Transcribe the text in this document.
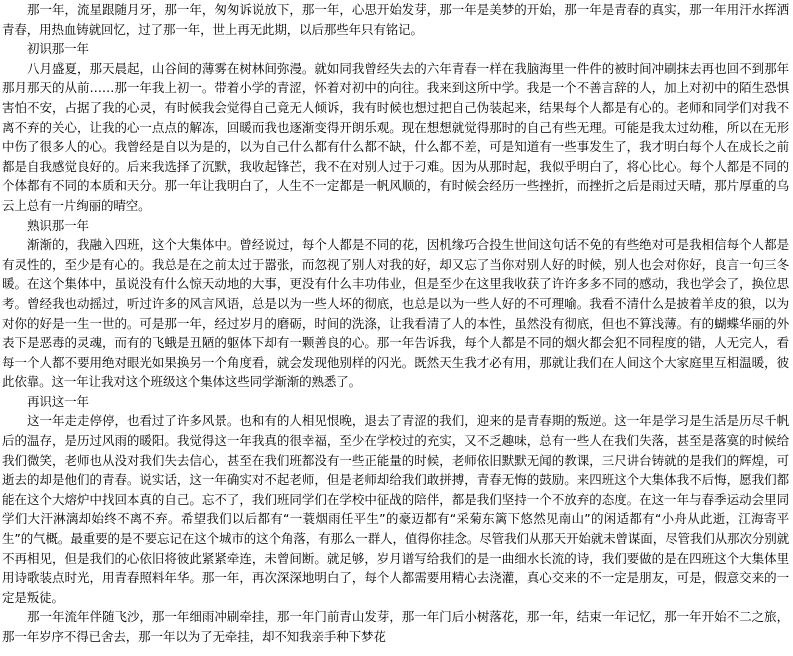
那一年，流星跟随月牙，那一年，匆匆诉说放下，那一年，心思开始发芽，那一年是美梦的开始，那一年是青春的真实，那一年用汗水挥洒青春，用热血铸就回忆，过了那一年，世上再无此期，以后那些年只有铭记。

初识那一年

八月盛夏，那天晨起，山谷间的薄雾在树林间弥漫。就如同我曾经失去的六年青春一样在我脑海里一件件的被时间冲刷抹去再也回不到那年那月那天的从前……那一年我上初一。带着小学的青涩，怀着对初中的向往。我来到这所中学。我是一个不善言辞的人，加上对初中的陌生恐惧害怕不安，占据了我的心灵，有时候我会觉得自己竟无人倾诉，我有时候也想过把自己伪装起来，结果每个人都是有心的。老师和同学们对我不离不弃的关心，让我的心一点点的解冻，回暖而我也逐渐变得开朗乐观。现在想想就觉得那时的自己有些无理。可能是我太过幼稚，所以在无形中伤了很多人的心。我曾经是自以为是的，以为自己什么都有什么都不缺，什么都不差，可是知道有一些事发生了，我才明白每个人在成长之前都是自我感觉良好的。后来我选择了沉默，我收起锋芒，我不在对别人过于刁难。因为从那时起，我似乎明白了，将心比心。每个人都是不同的个体都有不同的本质和天分。那一年让我明白了，人生不一定都是一帆风顺的，有时候会经历一些挫折，而挫折之后是雨过天晴，那片厚重的乌云上总有一片绚丽的晴空。

熟识那一年

渐渐的，我融入四班，这个大集体中。曾经说过，每个人都是不同的花，因机缘巧合投生世间这句话不免的有些绝对可是我相信每个人都是有灵性的，至少是有心的。我总是在之前太过于嚣张，而忽视了别人对我的好，却又忘了当你对别人好的时候，别人也会对你好，良言一句三冬暖。在这个集体中，虽说没有什么惊天动地的大事，更没有什么丰功伟业，但是至少在这里我收获了许许多多不同的感动，我也学会了，换位思考。曾经我也动摇过，听过许多的风言风语，总是以为一些人坏的彻底，也总是以为一些人好的不可理喻。我看不清什么是披着羊皮的狼，以为对你的好是一生一世的。可是那一年，经过岁月的磨砺，时间的洗涤，让我看清了人的本性，虽然没有彻底，但也不算浅薄。有的蝴蝶华丽的外表下是恶毒的灵魂，而有的飞蛾是丑陋的躯体下却有一颗善良的心。那一年告诉我，每个人都是不同的烟火都会犯不同程度的错，人无完人，看每一个人都不要用绝对眼光如果换另一个角度看，就会发现他别样的闪光。既然天生我才必有用，那就让我们在人间这个大家庭里互相温暖，彼此依靠。这一年让我对这个班级这个集体这些同学渐渐的熟悉了。

再识这一年

这一年走走停停，也看过了许多风景。也和有的人相见恨晚，退去了青涩的我们，迎来的是青春期的叛逆。这一年是学习是生活是历尽千帆后的温存，是历过风雨的暖阳。我觉得这一年我真的很幸福，至少在学校过的充实，又不乏趣味，总有一些人在我们失落，甚至是落寞的时候给我们微笑，老师也从没对我们失去信心，甚至在我们班都没有一些正能量的时候，老师依旧默默无闻的教课，三尺讲台铸就的是我们的辉煌，可逝去的却是他们的青春。说实话，这一年确实对不起老师，但是老师却给我们敢拼搏，青春无悔的鼓励。来四班这个大集体我不后悔，愿我们都能在这个大熔炉中找回本真的自己。忘不了，我们班同学们在学校中征战的陪伴，都是我们坚持一个不放弃的态度。在这一年与春季运动会里同学们大汗淋漓却始终不离不弃。希望我们以后都有“一蓑烟雨任平生”的豪迈都有“采菊东篱下悠然见南山”的闲适都有“小舟从此逝，江海寄平生”的气概。最重要的是不要忘记在这个城市的这个角落，有那么一群人，值得你挂念。尽管我们从那天开始就未曾谋面，尽管我们从那次分别就不再相见，但是我们的心依旧将彼此紧紧牵连，未曾间断。就足够，岁月谱写给我们的是一曲细水长流的诗，我们要做的是在四班这个大集体里用诗歌装点时光，用青春照料年华。那一年，再次深深地明白了，每个人都需要用精心去浇灌，真心交来的不一定是朋友，可是，假意交来的一定是叛徒。

那一年流年伴随飞沙，那一年细雨冲刷牵挂，那一年门前青山发芽，那一年门后小树落花，那一年，结束一年记忆，那一年开始不二之旅，那一年岁序不得已舍去，那一年以为了无牵挂，却不知我亲手种下梦花
